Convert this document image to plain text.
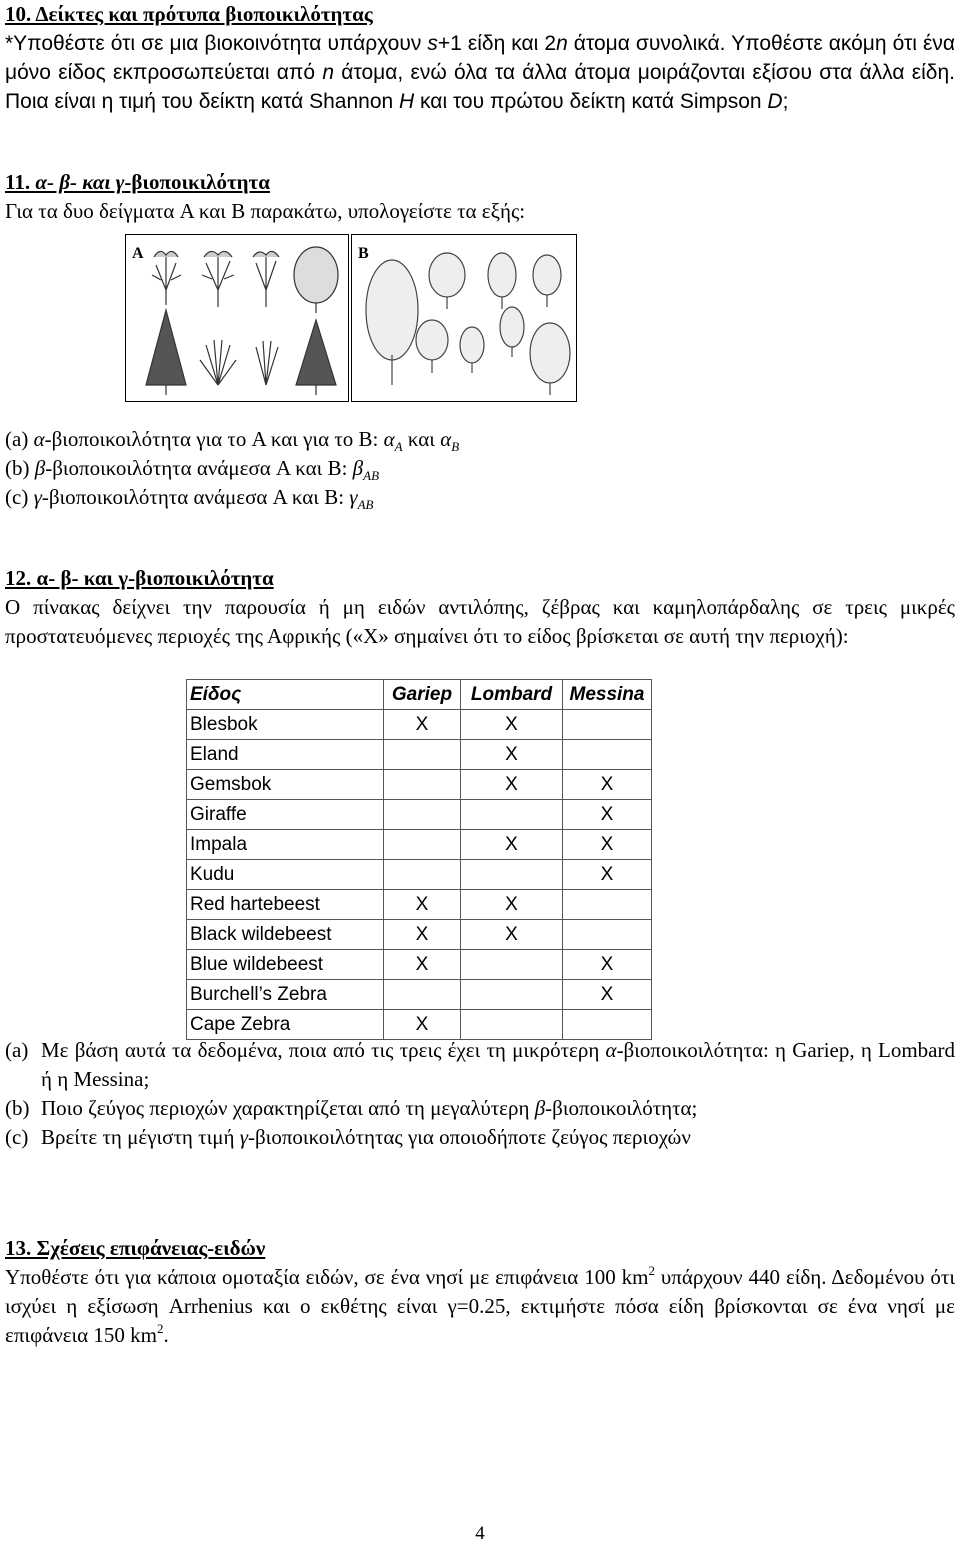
10. Δείκτες και πρότυπα βιοποικιλότητας

*Υποθέστε ότι σε μια βιοκοινότητα υπάρχουν s+1 είδη και 2n άτομα συνολικά. Υποθέστε ακόμη ότι ένα μόνο είδος εκπροσωπεύεται από n άτομα, ενώ όλα τα άλλα άτομα μοιράζονται εξίσου στα άλλα είδη. Ποια είναι η τιμή του δείκτη κατά Shannon H και του πρώτου δείκτη κατά Simpson D;

11. α- β- και γ-βιοποικιλότητα

Για τα δυο δείγματα A και B παρακάτω, υπολογείστε τα εξής:

A	B

(a) α-βιοποικοιλότητα για το A και για το B: $\alpha_A$ και $\alpha_B$

(b) β-βιοποικοιλότητα ανάμεσα A και B: $\beta_{AB}$

(c) γ-βιοποικοιλότητα ανάμεσα A και B: $\gamma_{AB}$

12. α- β- και γ-βιοποικιλότητα

Ο πίνακας δείχνει την παρουσία ή μη ειδών αντιλόπης, ζέβρας και καμηλοπάρδαλης σε τρεις μικρές προστατευόμενες περιοχές της Αφρικής («X» σημαίνει ότι το είδος βρίσκεται σε αυτή την περιοχή):

Είδος	Gariep	Lombard	Messina
Blesbok	X	X	
Eland		X	
Gemsbok		X	X
Giraffe			X
Impala		X	X
Kudu			X
Red hartebeest	X	X	
Black wildebeest	X	X	
Blue wildebeest	X		X
Burchell’s Zebra			X
Cape Zebra	X		
(a) Με βάση αυτά τα δεδομένα, ποια από τις τρεις έχει τη μικρότερη α-βιοποικοιλότητα: η Gariep, η Lombard ή η Messina;
(b) Ποιο ζεύγος περιοχών χαρακτηρίζεται από τη μεγαλύτερη β-βιοποικοιλότητα;
(c) Βρείτε τη μέγιστη τιμή γ-βιοποικοιλότητας για οποιοδήποτε ζεύγος περιοχών

13. Σχέσεις επιφάνειας-ειδών

Υποθέστε ότι για κάποια ομοταξία ειδών, σε ένα νησί με επιφάνεια 100 $km^2$ υπάρχουν 440 είδη. Δεδομένου ότι ισχύει η εξίσωση Arrhenius και ο εκθέτης είναι γ=0.25, εκτιμήστε πόσα είδη βρίσκονται σε ένα νησί με επιφάνεια 150 $km^2$.

4
